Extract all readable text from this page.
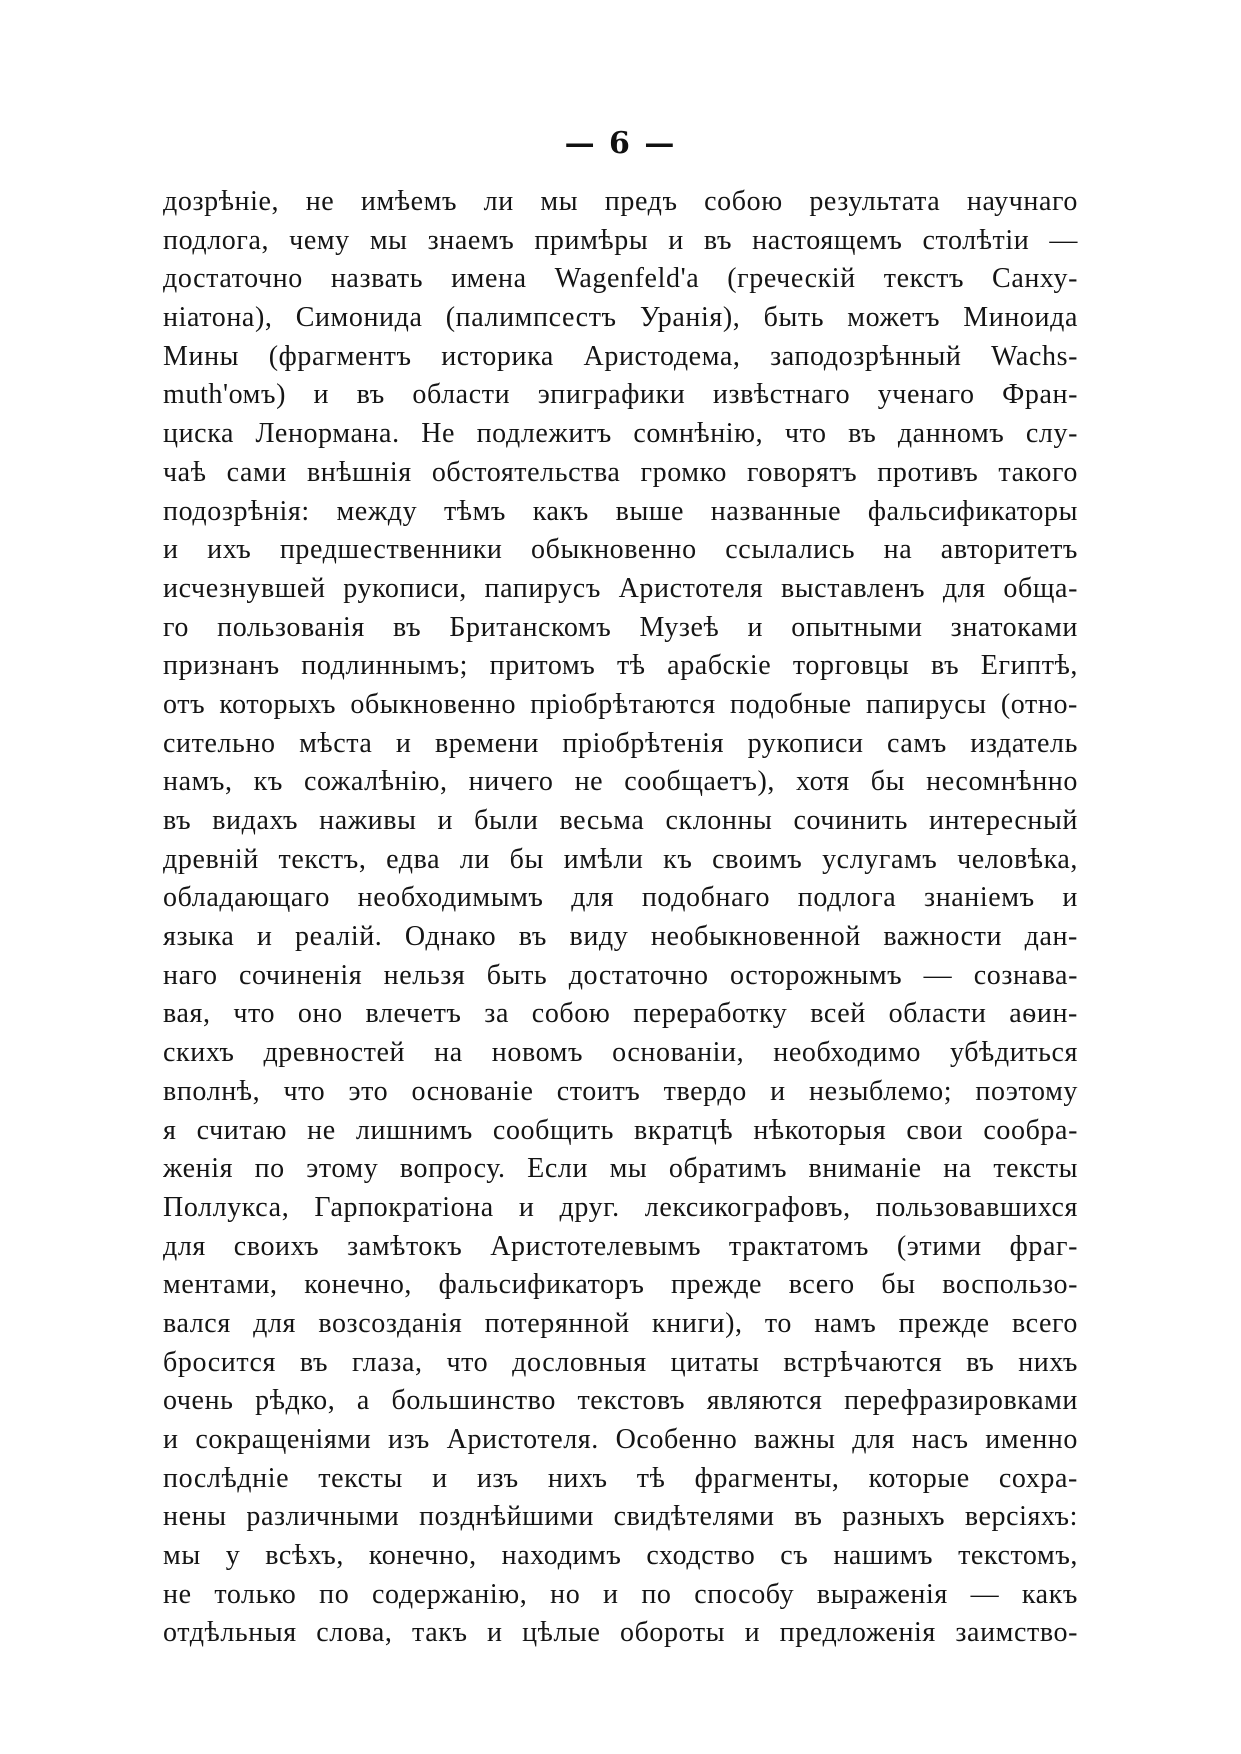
— 6 —
дозрѣніе, не имѣемъ ли мы предъ собою результата научнаго
подлога, чему мы знаемъ примѣры и въ настоящемъ столѣтіи —
достаточно назвать имена Wagenfeld'а (греческій текстъ Санху-
ніатона), Симонида (палимпсестъ Уранія), быть можетъ Миноида
Мины (фрагментъ историка Аристодема, заподозрѣнный Wachs-
muth'омъ) и въ области эпиграфики извѣстнаго ученаго Фран-
циска Ленормана. Не подлежитъ сомнѣнію, что въ данномъ слу-
чаѣ сами внѣшнія обстоятельства громко говорятъ противъ такого
подозрѣнія: между тѣмъ какъ выше названные фальсификаторы
и ихъ предшественники обыкновенно ссылались на авторитетъ
исчезнувшей рукописи, папирусъ Аристотеля выставленъ для обща-
го пользованія въ Британскомъ Музеѣ и опытными знатоками
признанъ подлиннымъ; притомъ тѣ арабскіе торговцы въ Египтѣ,
отъ которыхъ обыкновенно пріобрѣтаются подобные папирусы (отно-
сительно мѣста и времени пріобрѣтенія рукописи самъ издатель
намъ, къ сожалѣнію, ничего не сообщаетъ), хотя бы несомнѣнно
въ видахъ наживы и были весьма склонны сочинить интересный
древній текстъ, едва ли бы имѣли къ своимъ услугамъ человѣка,
обладающаго необходимымъ для подобнаго подлога знаніемъ и
языка и реалій. Однако въ виду необыкновенной важности дан-
наго сочиненія нельзя быть достаточно осторожнымъ — сознава-
вая, что оно влечетъ за собою переработку всей области аѳин-
скихъ древностей на новомъ основаніи, необходимо убѣдиться
вполнѣ, что это основаніе стоитъ твердо и незыблемо; поэтому
я считаю не лишнимъ сообщить вкратцѣ нѣкоторыя свои сообра-
женія по этому вопросу. Если мы обратимъ вниманіе на тексты
Поллукса, Гарпократіона и друг. лексикографовъ, пользовавшихся
для своихъ замѣтокъ Аристотелевымъ трактатомъ (этими фраг-
ментами, конечно, фальсификаторъ прежде всего бы воспользо-
вался для возсозданія потерянной книги), то намъ прежде всего
бросится въ глаза, что дословныя цитаты встрѣчаются въ нихъ
очень рѣдко, а большинство текстовъ являются перефразировками
и сокращеніями изъ Аристотеля. Особенно важны для насъ именно
послѣдніе тексты и изъ нихъ тѣ фрагменты, которые сохра-
нены различными позднѣйшими свидѣтелями въ разныхъ версіяхъ:
мы у всѣхъ, конечно, находимъ сходство съ нашимъ текстомъ,
не только по содержанію, но и по способу выраженія — какъ
отдѣльныя слова, такъ и цѣлые обороты и предложенія заимство-
